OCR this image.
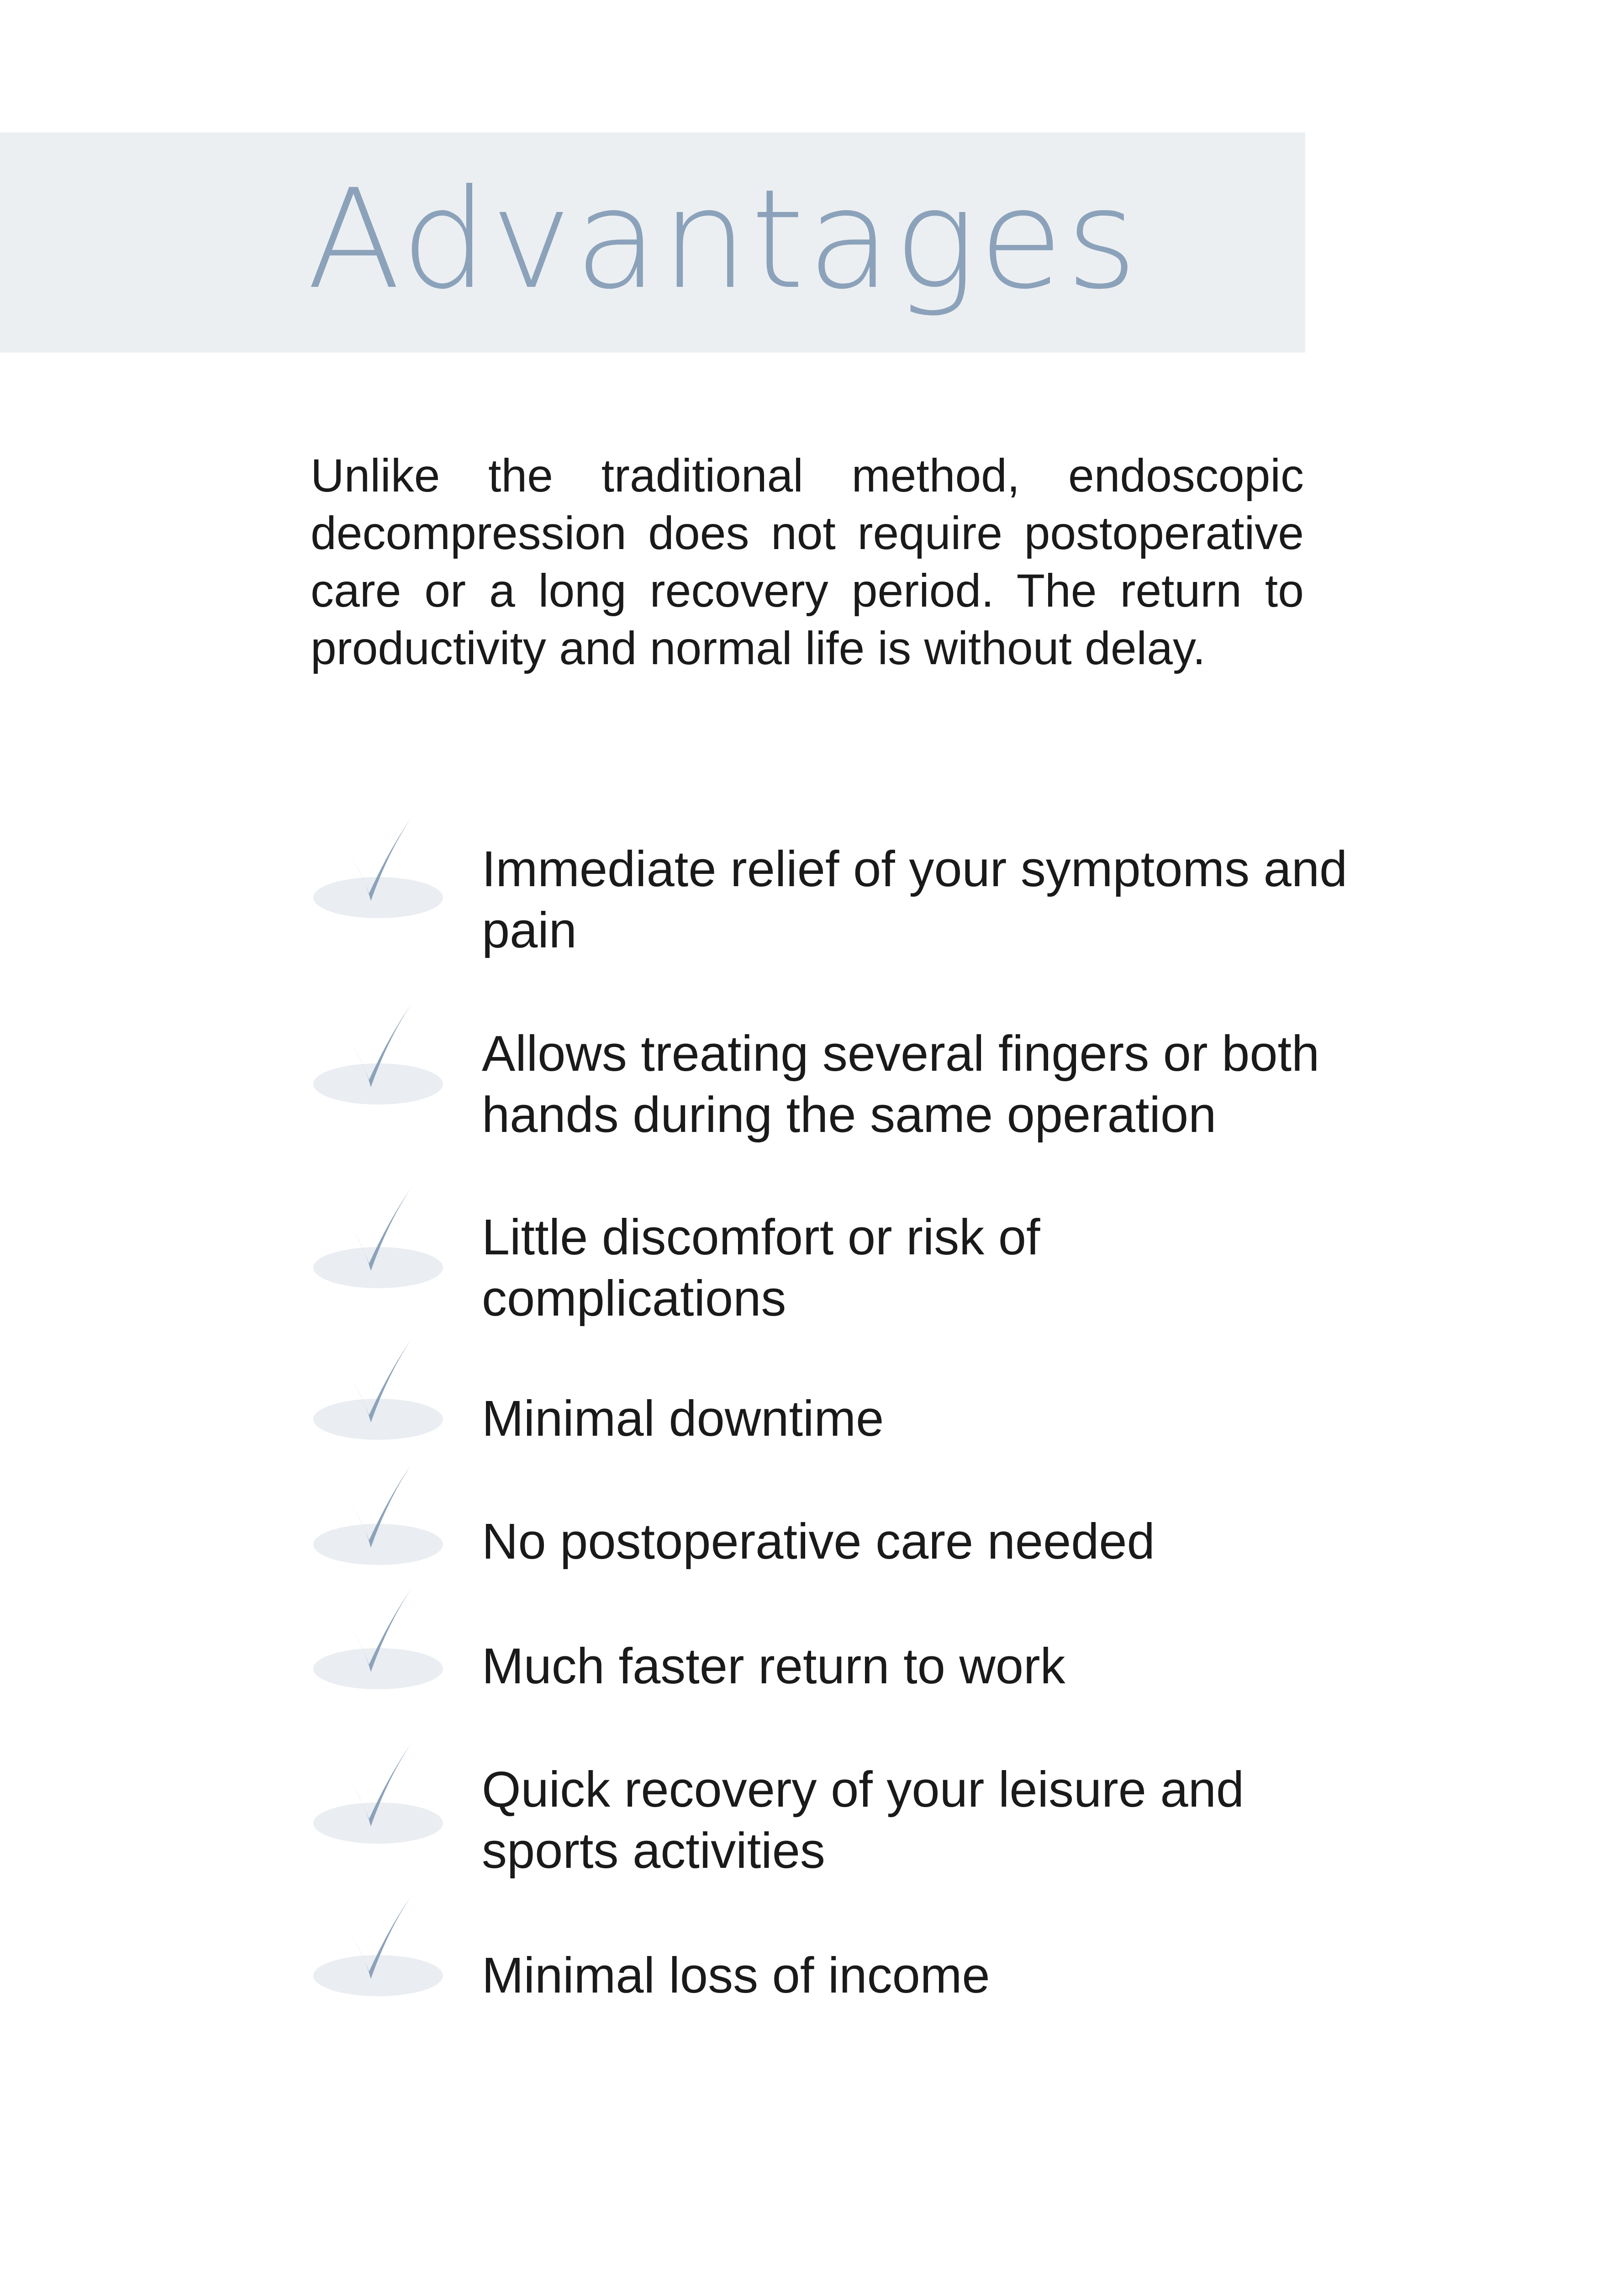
Advantages

Unlike the traditional method, endoscopic decompression does not require postoperative care or a long recovery period. The return to productivity and normal life is without delay.

Immediate relief of your symptoms and pain

Allows treating several fingers or both hands during the same operation

Little discomfort or risk of complications

Minimal downtime

No postoperative care needed

Much faster return to work

Quick recovery of your leisure and sports activities

Minimal loss of income
